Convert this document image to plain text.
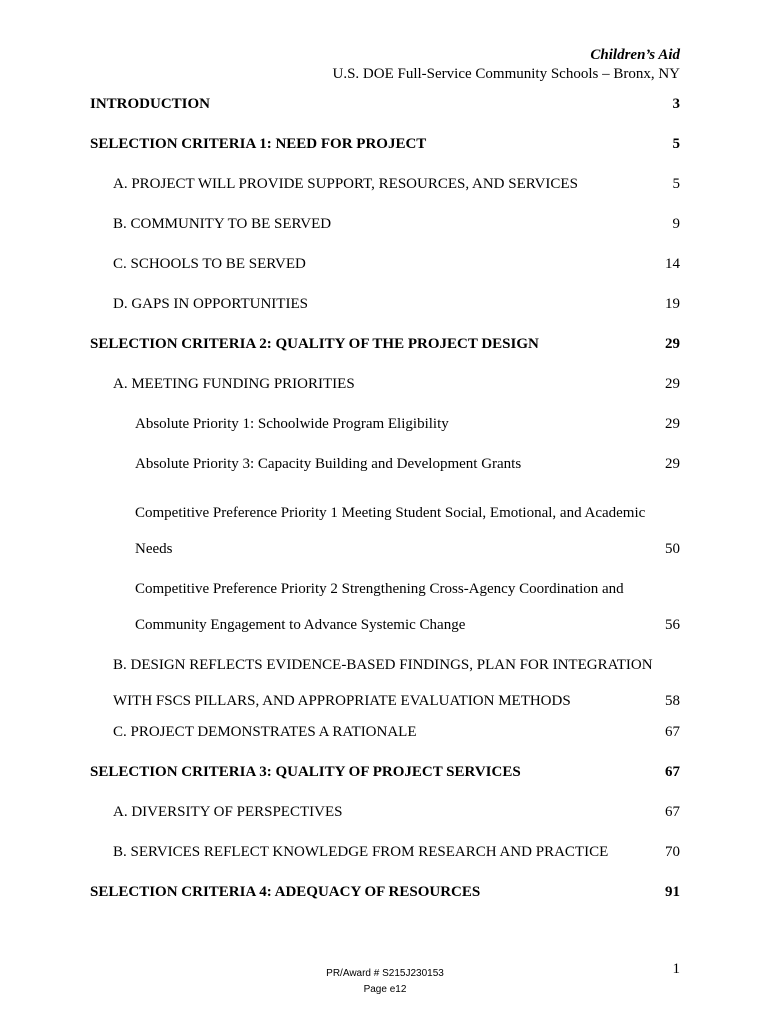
Children’s Aid
U.S. DOE Full-Service Community Schools – Bronx, NY
INTRODUCTION	3
SELECTION CRITERIA 1: NEED FOR PROJECT	5
A. PROJECT WILL PROVIDE SUPPORT, RESOURCES, AND SERVICES	5
B. COMMUNITY TO BE SERVED	9
C. SCHOOLS TO BE SERVED	14
D. GAPS IN OPPORTUNITIES	19
SELECTION CRITERIA 2: QUALITY OF THE PROJECT DESIGN	29
A. MEETING FUNDING PRIORITIES	29
Absolute Priority 1: Schoolwide Program Eligibility	29
Absolute Priority 3: Capacity Building and Development Grants	29
Competitive Preference Priority 1 Meeting Student Social, Emotional, and Academic Needs	50
Competitive Preference Priority 2 Strengthening Cross-Agency Coordination and Community Engagement to Advance Systemic Change	56
B. DESIGN REFLECTS EVIDENCE-BASED FINDINGS, PLAN FOR INTEGRATION WITH FSCS PILLARS, AND APPROPRIATE EVALUATION METHODS	58
C. PROJECT DEMONSTRATES A RATIONALE	67
SELECTION CRITERIA 3: QUALITY OF PROJECT SERVICES	67
A. DIVERSITY OF PERSPECTIVES	67
B. SERVICES REFLECT KNOWLEDGE FROM RESEARCH AND PRACTICE	70
SELECTION CRITERIA 4: ADEQUACY OF RESOURCES	91
1
PR/Award # S215J230153
Page e12
